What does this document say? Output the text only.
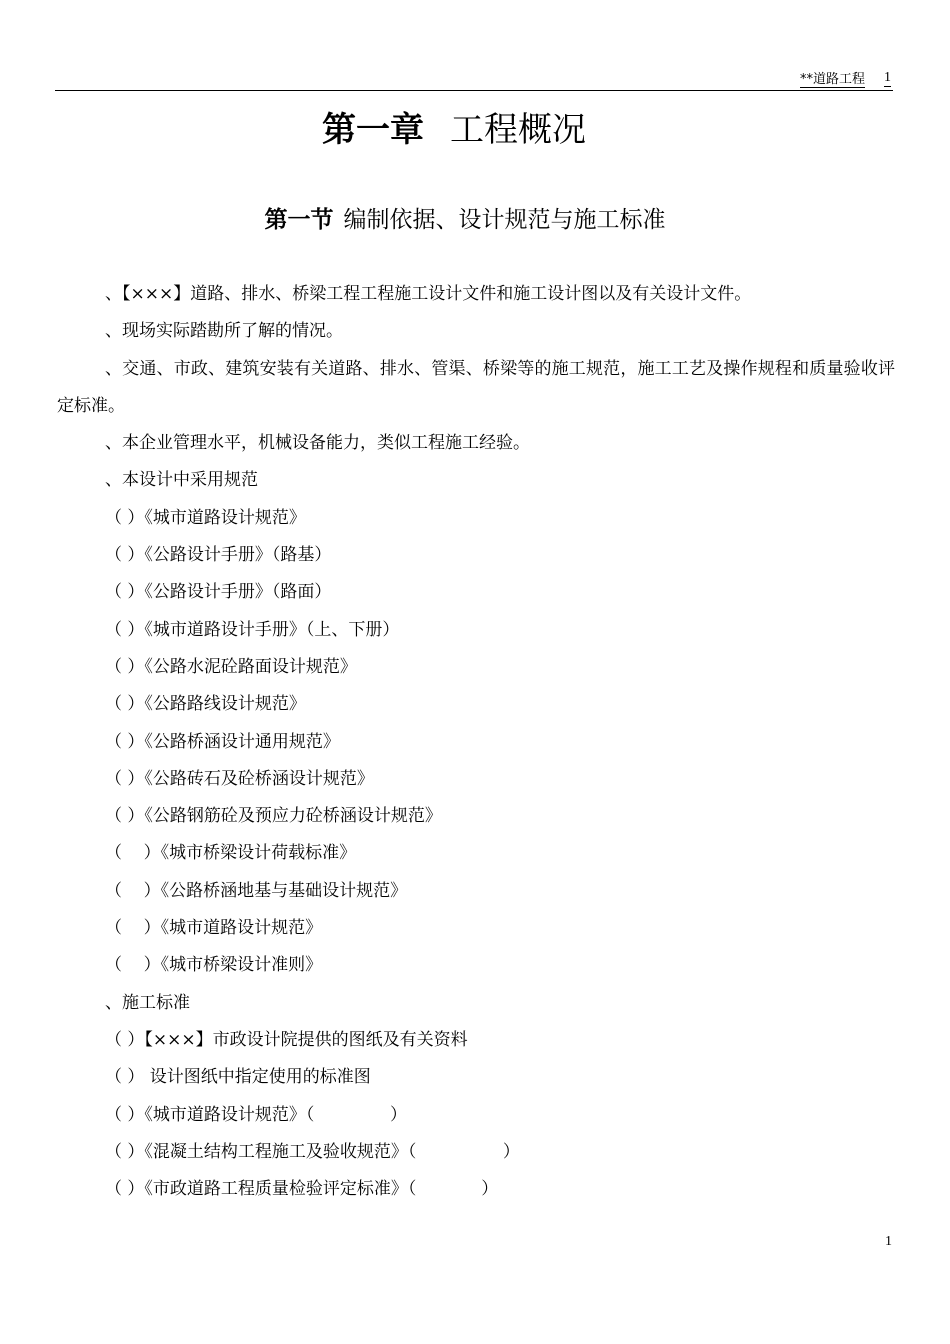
**道路工程 1
第一章 工程概况
第一节 编制依据、设计规范与施工标准

、【×××】道路、排水、桥梁工程工程施工设计文件和施工设计图以及有关设计文件。

、现场实际踏勘所了解的情况。

、交通、市政、建筑安装有关道路、排水、管渠、桥梁等的施工规范，施工工艺及操作规程和质量验收评定标准。

、本企业管理水平，机械设备能力，类似工程施工经验。

、本设计中采用规范

（ ）《城市道路设计规范》

（ ）《公路设计手册》（路基）

（ ）《公路设计手册》（路面）

（ ）《城市道路设计手册》（上、下册）

（ ）《公路水泥砼路面设计规范》

（ ）《公路路线设计规范》

（ ）《公路桥涵设计通用规范》

（ ）《公路砖石及砼桥涵设计规范》

（ ）《公路钢筋砼及预应力砼桥涵设计规范》

（    ）《城市桥梁设计荷载标准》

（    ）《公路桥涵地基与基础设计规范》

（    ）《城市道路设计规范》

（    ）《城市桥梁设计准则》

、施工标准

（ ）【×××】市政设计院提供的图纸及有关资料

（ ） 设计图纸中指定使用的标准图

（ ）《城市道路设计规范》（              ）

（ ）《混凝土结构工程施工及验收规范》（                ）

（ ）《市政道路工程质量检验评定标准》（            ）

1
